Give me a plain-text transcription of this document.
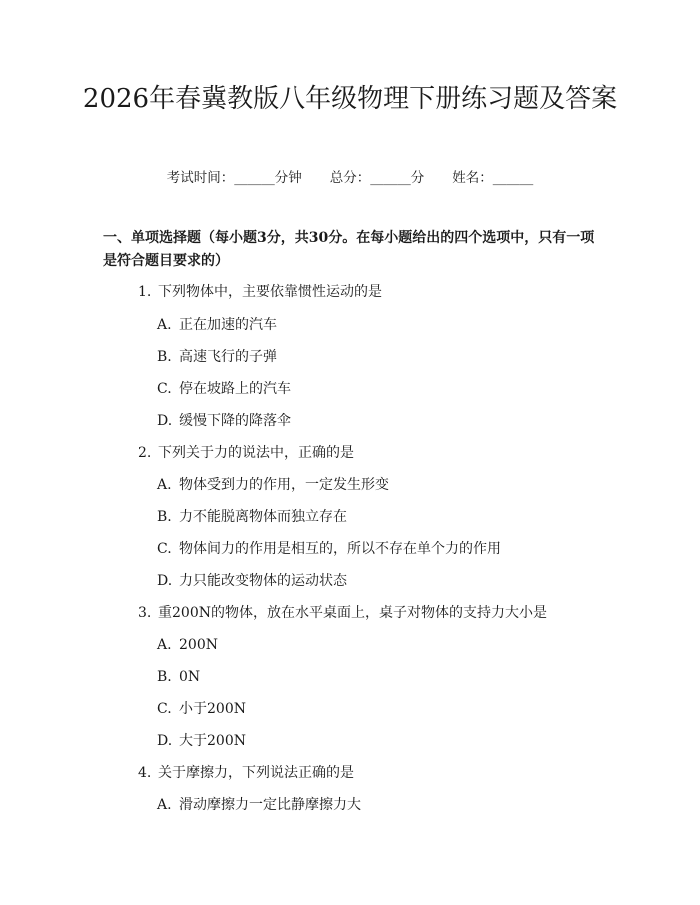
2026年春冀教版八年级物理下册练习题及答案
考试时间：______分钟 总分：______分 姓名：______

一、单项选择题（每小题3分，共30分。在每小题给出的四个选项中，只有一项是符合题目要求的）

1. 下列物体中，主要依靠惯性运动的是
A. 正在加速的汽车
B. 高速飞行的子弹
C. 停在坡路上的汽车
D. 缓慢下降的降落伞
2. 下列关于力的说法中，正确的是
A. 物体受到力的作用，一定发生形变
B. 力不能脱离物体而独立存在
C. 物体间力的作用是相互的，所以不存在单个力的作用
D. 力只能改变物体的运动状态
3. 重200N的物体，放在水平桌面上，桌子对物体的支持力大小是
A. 200N
B. 0N
C. 小于200N
D. 大于200N
4. 关于摩擦力，下列说法正确的是
A. 滑动摩擦力一定比静摩擦力大
